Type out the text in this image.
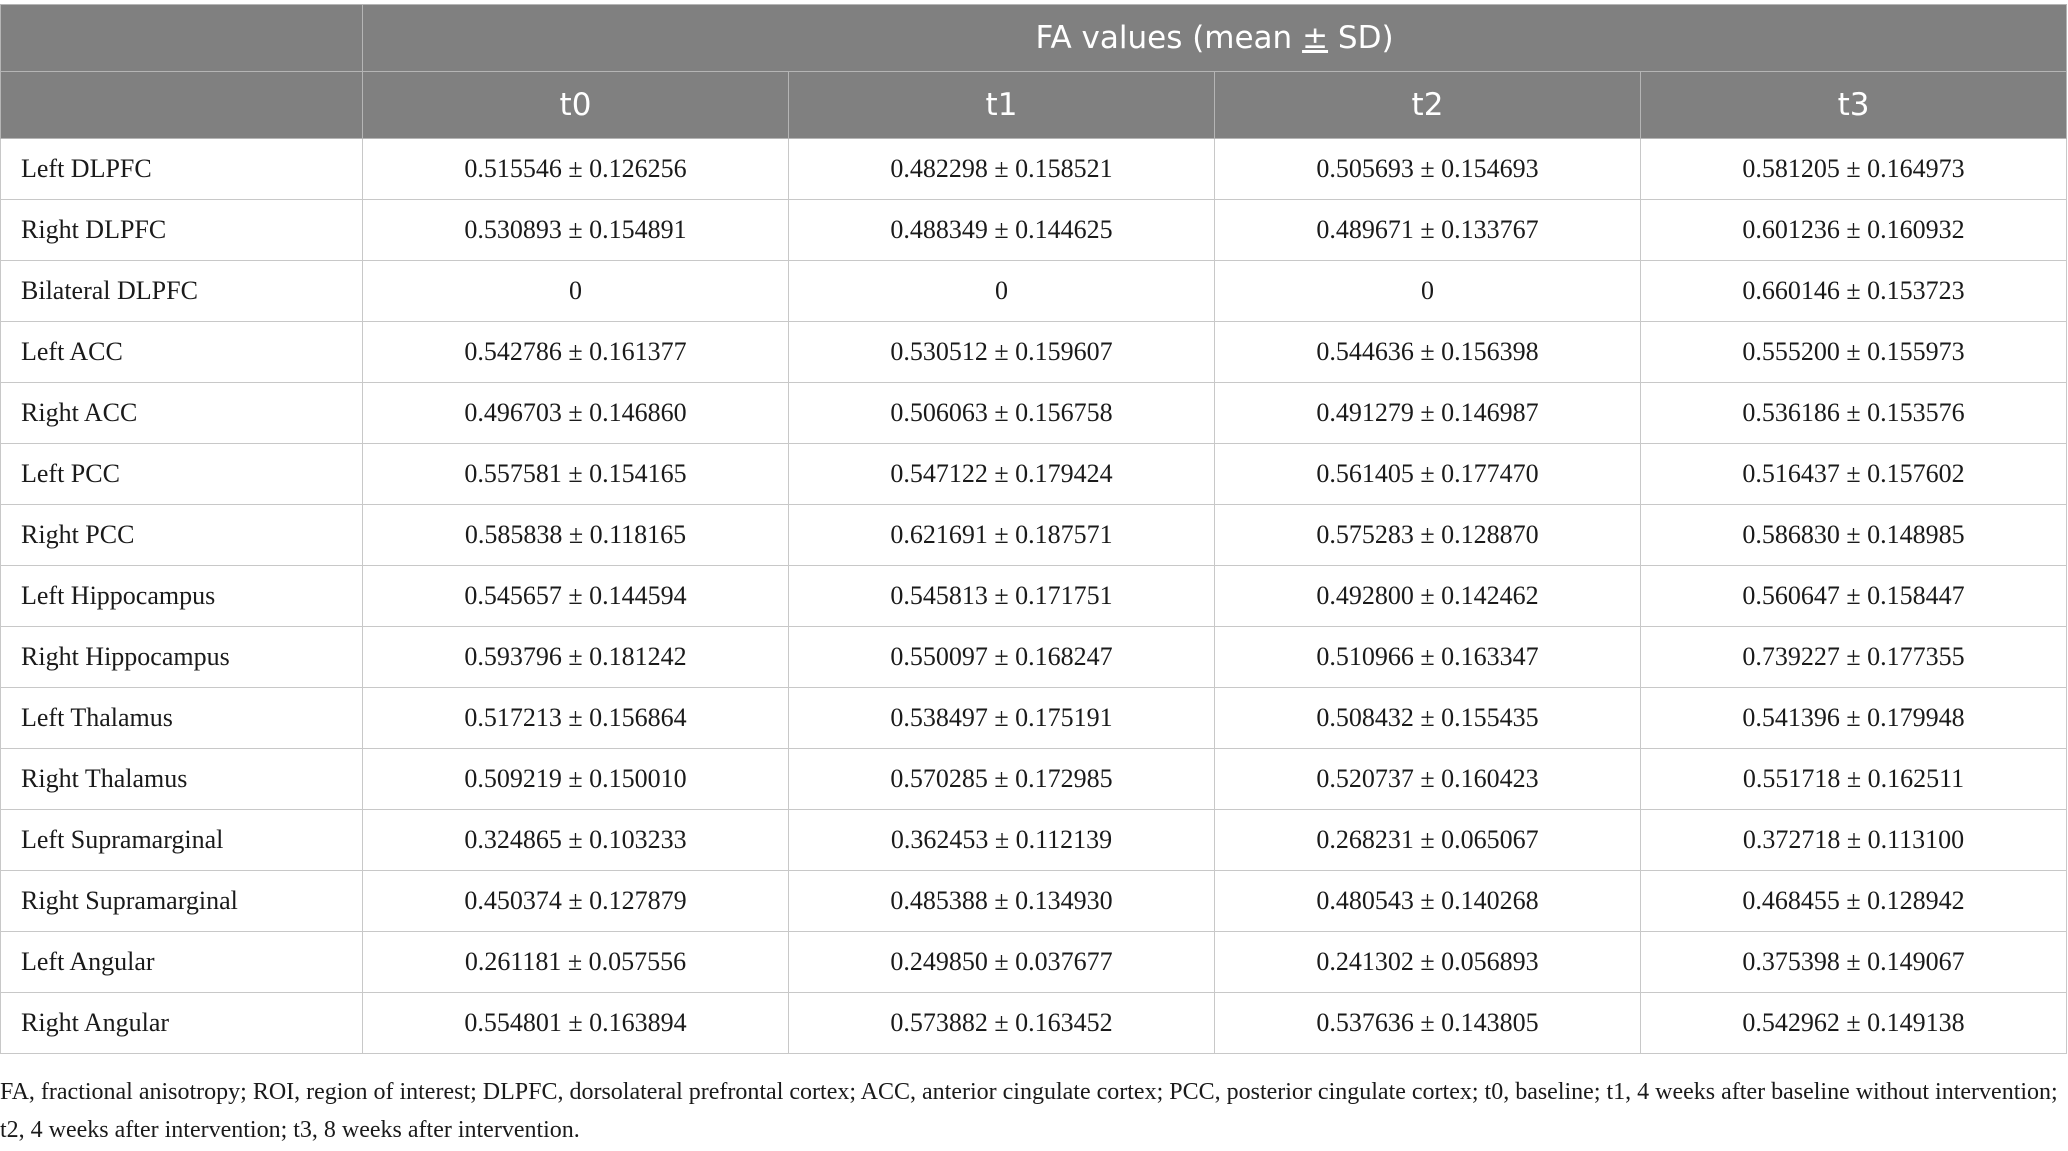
	FA values (mean ± SD)			
	t0	t1	t2	t3
Left DLPFC	0.515546 ± 0.126256	0.482298 ± 0.158521	0.505693 ± 0.154693	0.581205 ± 0.164973
Right DLPFC	0.530893 ± 0.154891	0.488349 ± 0.144625	0.489671 ± 0.133767	0.601236 ± 0.160932
Bilateral DLPFC	0	0	0	0.660146 ± 0.153723
Left ACC	0.542786 ± 0.161377	0.530512 ± 0.159607	0.544636 ± 0.156398	0.555200 ± 0.155973
Right ACC	0.496703 ± 0.146860	0.506063 ± 0.156758	0.491279 ± 0.146987	0.536186 ± 0.153576
Left PCC	0.557581 ± 0.154165	0.547122 ± 0.179424	0.561405 ± 0.177470	0.516437 ± 0.157602
Right PCC	0.585838 ± 0.118165	0.621691 ± 0.187571	0.575283 ± 0.128870	0.586830 ± 0.148985
Left Hippocampus	0.545657 ± 0.144594	0.545813 ± 0.171751	0.492800 ± 0.142462	0.560647 ± 0.158447
Right Hippocampus	0.593796 ± 0.181242	0.550097 ± 0.168247	0.510966 ± 0.163347	0.739227 ± 0.177355
Left Thalamus	0.517213 ± 0.156864	0.538497 ± 0.175191	0.508432 ± 0.155435	0.541396 ± 0.179948
Right Thalamus	0.509219 ± 0.150010	0.570285 ± 0.172985	0.520737 ± 0.160423	0.551718 ± 0.162511
Left Supramarginal	0.324865 ± 0.103233	0.362453 ± 0.112139	0.268231 ± 0.065067	0.372718 ± 0.113100
Right Supramarginal	0.450374 ± 0.127879	0.485388 ± 0.134930	0.480543 ± 0.140268	0.468455 ± 0.128942
Left Angular	0.261181 ± 0.057556	0.249850 ± 0.037677	0.241302 ± 0.056893	0.375398 ± 0.149067
Right Angular	0.554801 ± 0.163894	0.573882 ± 0.163452	0.537636 ± 0.143805	0.542962 ± 0.149138

FA, fractional anisotropy; ROI, region of interest; DLPFC, dorsolateral prefrontal cortex; ACC, anterior cingulate cortex; PCC, posterior cingulate cortex; t0, baseline; t1, 4 weeks after baseline without intervention; t2, 4 weeks after intervention; t3, 8 weeks after intervention.
